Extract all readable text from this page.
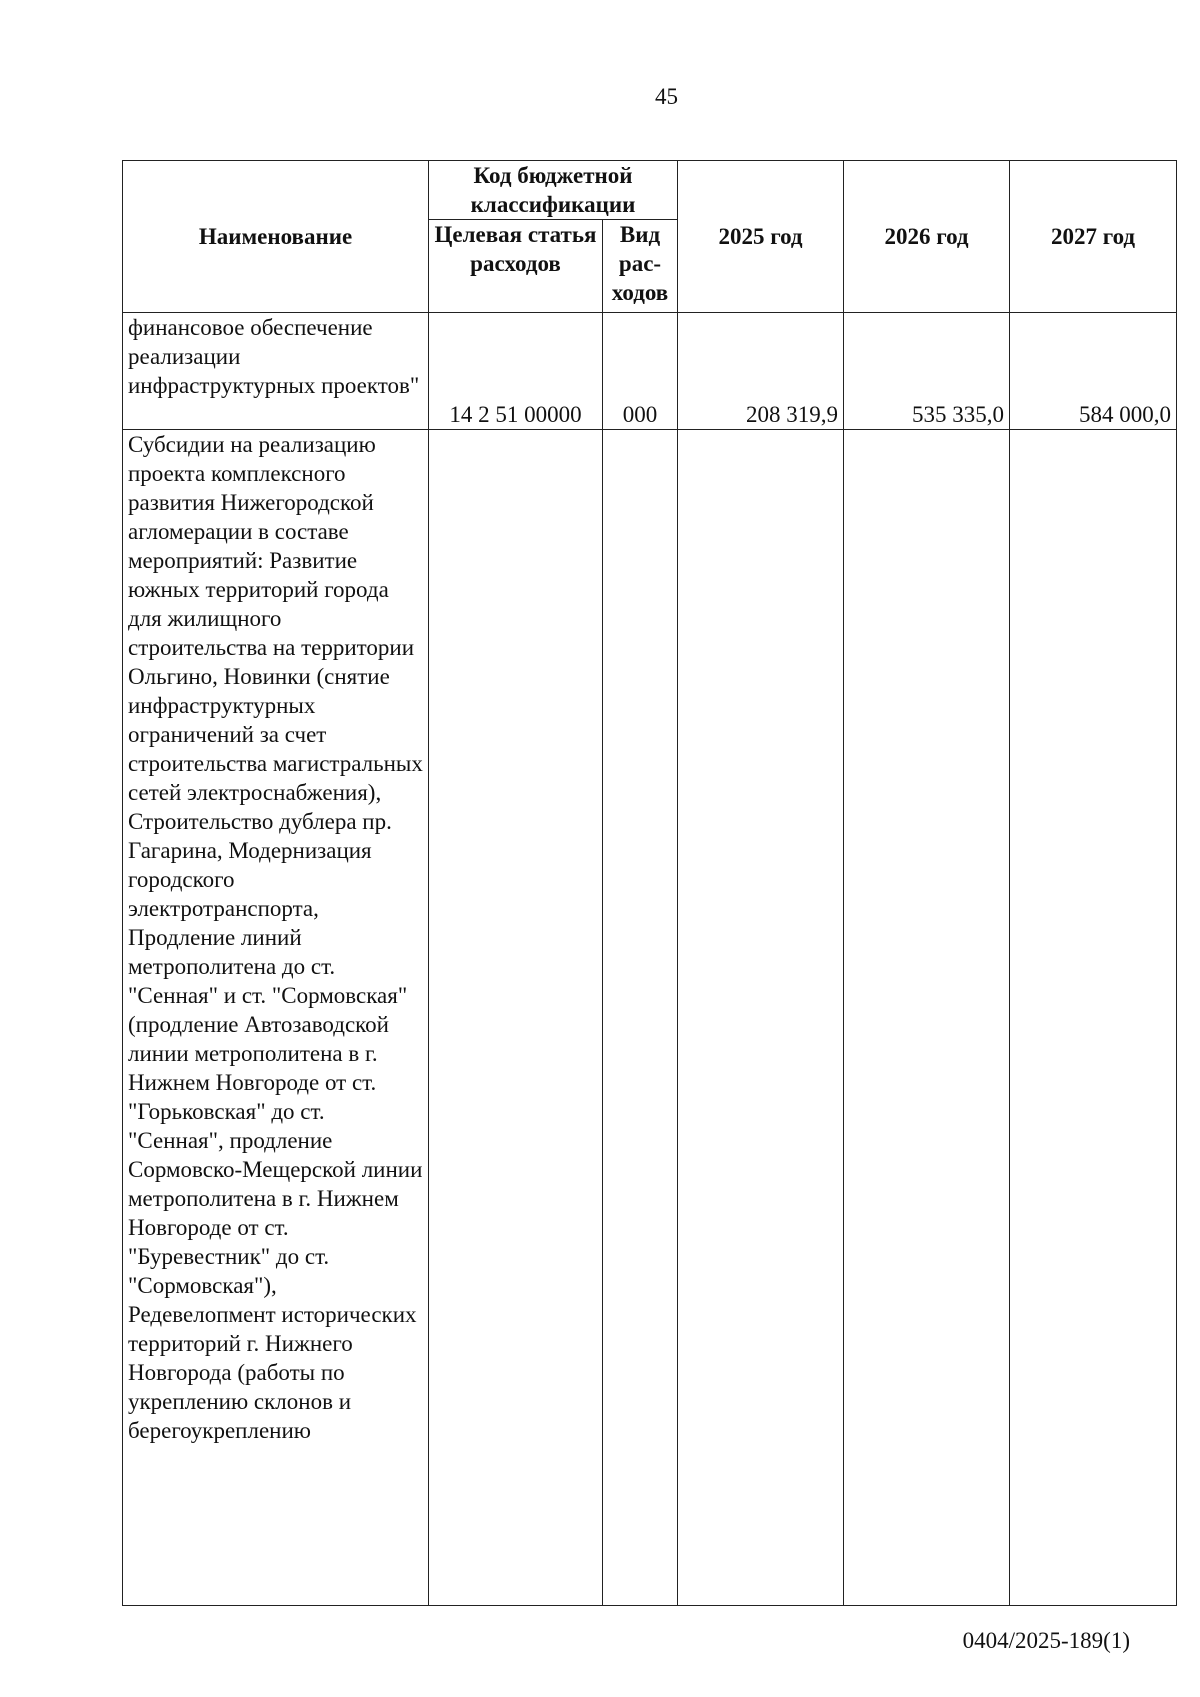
45
Наименование	Код бюджетной классификации		2025 год	2026 год	2027 год
	Целевая статья расходов	Вид рас-ходов			
финансовое обеспечение реализации инфраструктурных проектов"	14 2 51 00000	000	208 319,9	535 335,0	584 000,0
Субсидии на реализацию проекта комплексного развития Нижегородской агломерации в составе мероприятий: Развитие южных территорий города для жилищного строительства на территории Ольгино, Новинки (снятие инфраструктурных ограничений за счет строительства магистральных сетей электроснабжения), Строительство дублера пр. Гагарина, Модернизация городского электротранспорта, Продление линий метрополитена до ст. "Сенная" и ст. "Сормовская" (продление Автозаводской линии метрополитена в г. Нижнем Новгороде от ст. "Горьковская" до ст. "Сенная", продление Сормовско-Мещерской линии метрополитена в г. Нижнем Новгороде от ст. "Буревестник" до ст. "Сормовская"), Редевелопмент исторических территорий г. Нижнего Новгорода (работы по укреплению склонов и берегоукреплению					
0404/2025-189(1)
